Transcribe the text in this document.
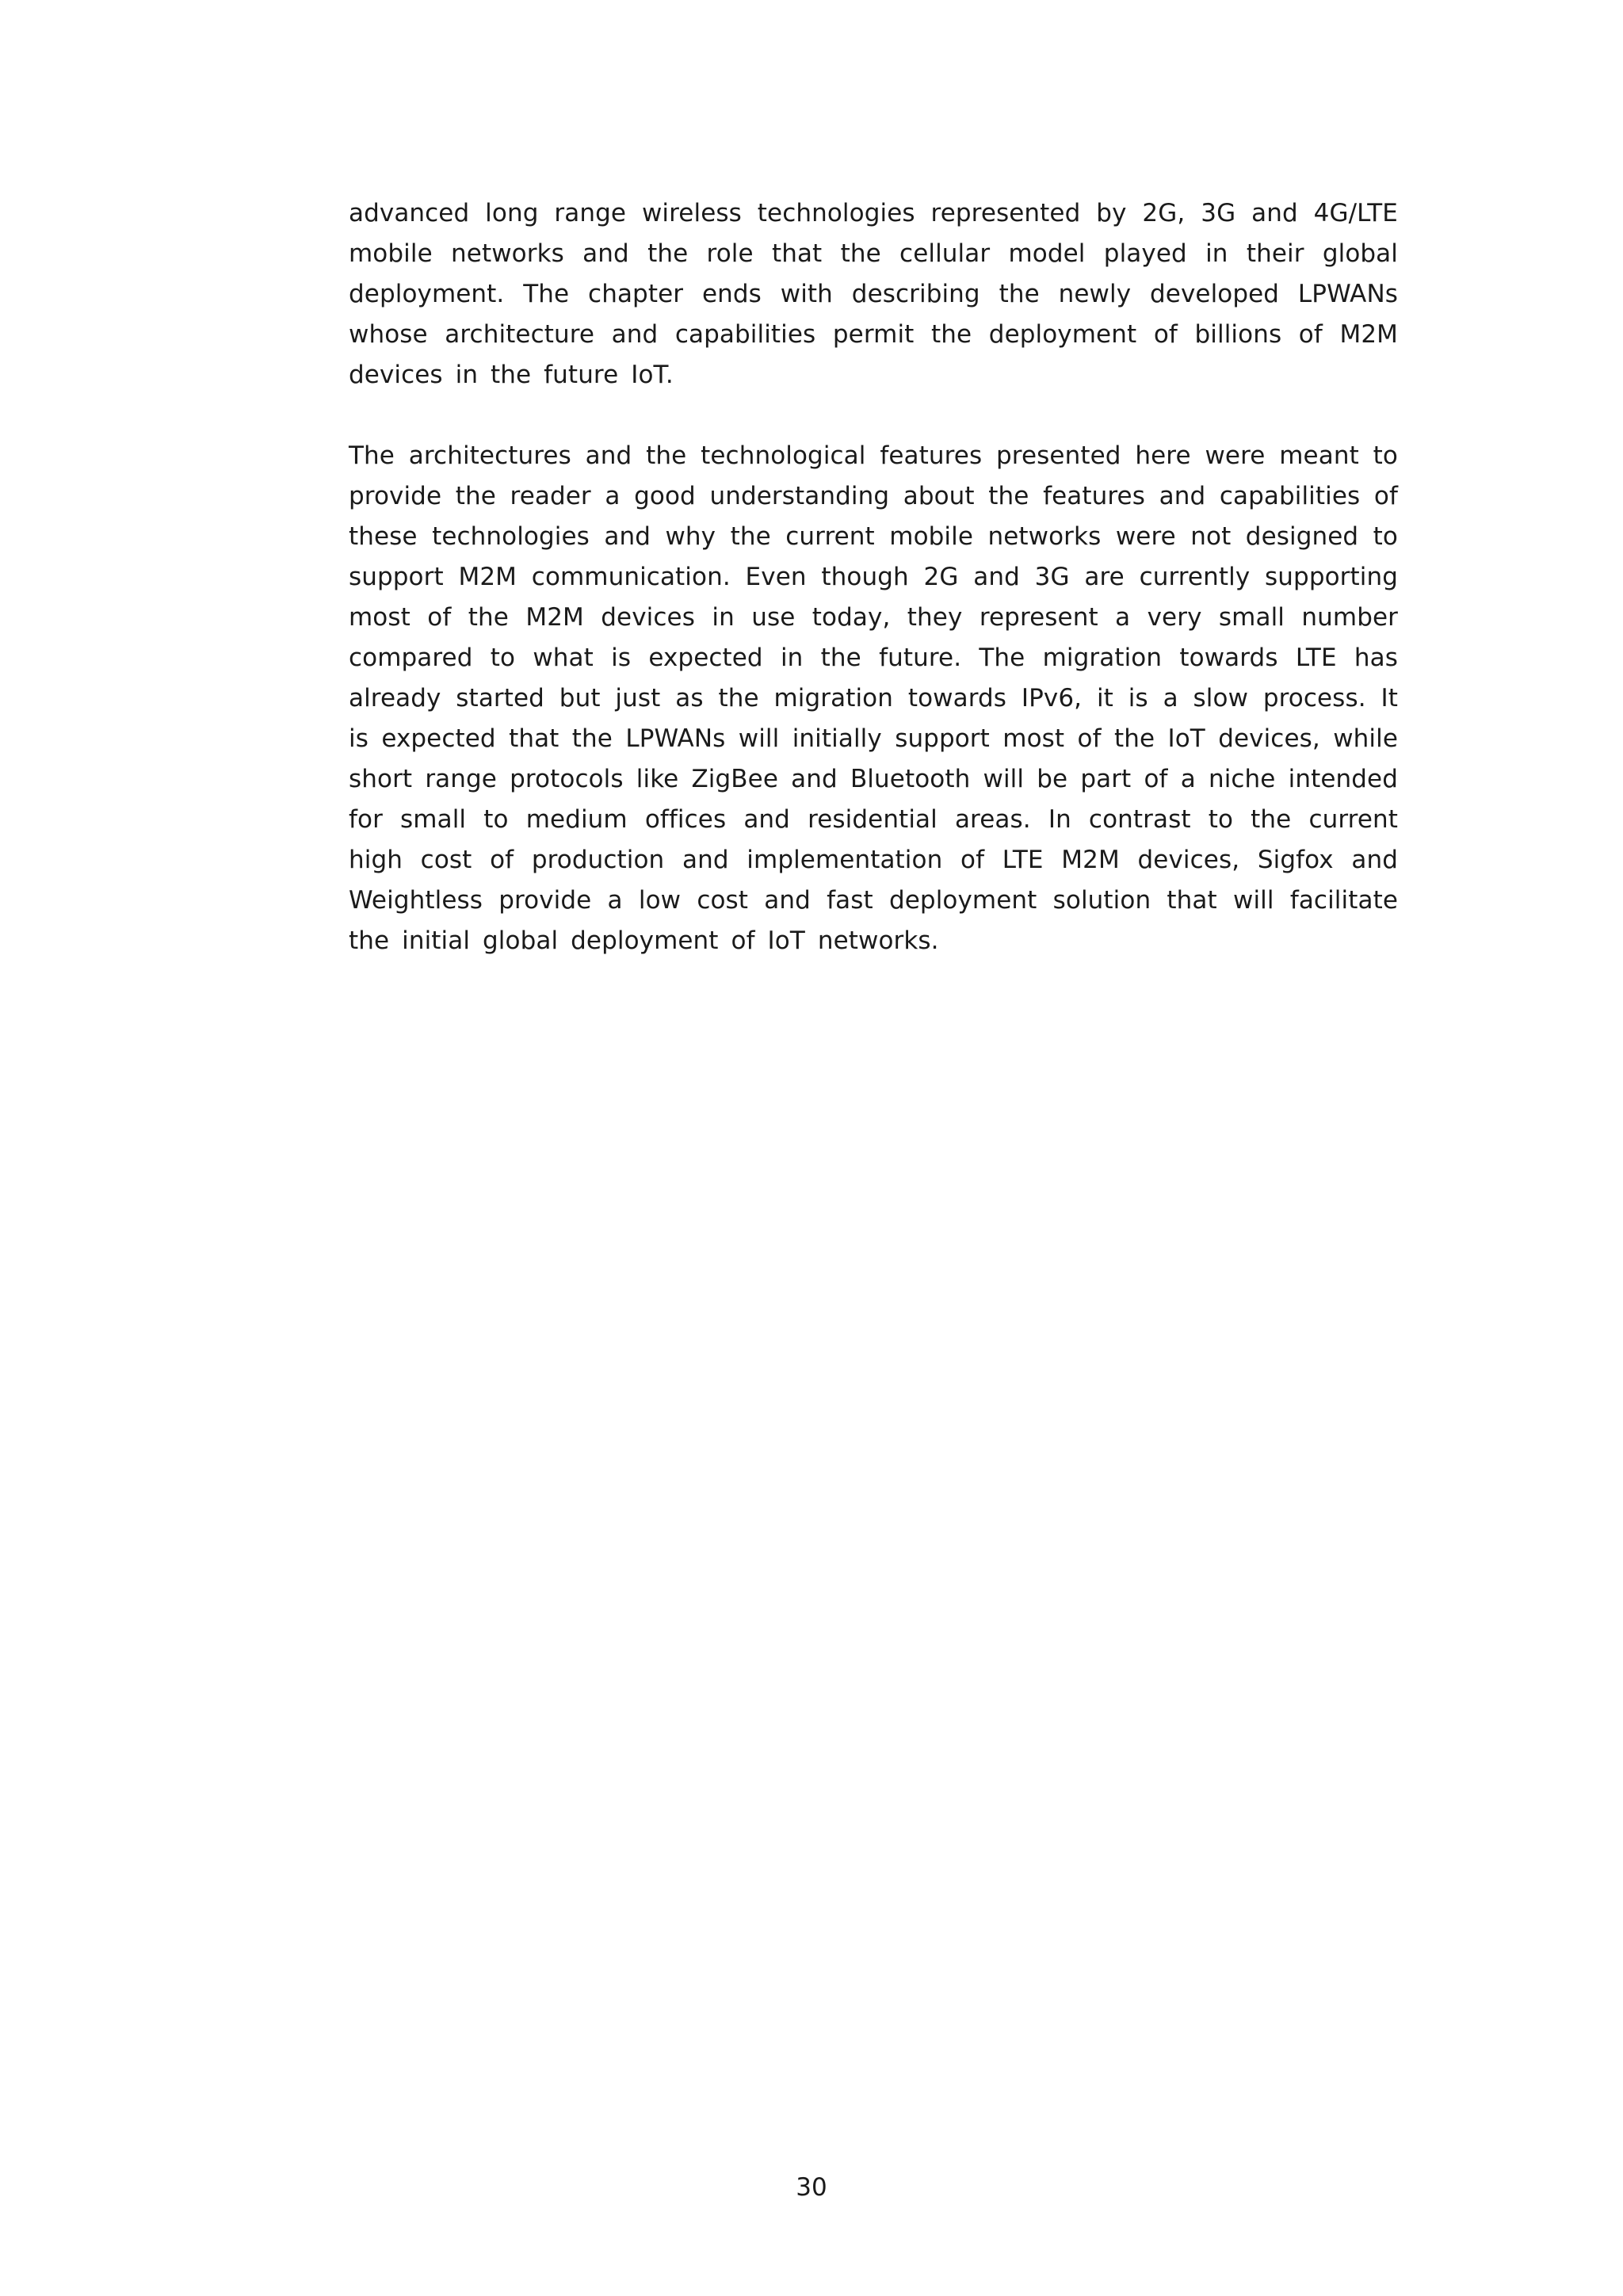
advanced long range wireless technologies represented by 2G, 3G and 4G/LTE mobile networks and the role that the cellular model played in their global deployment. The chapter ends with describing the newly developed LPWANs whose architecture and capabilities permit the deployment of billions of M2M devices in the future IoT.

The architectures and the technological features presented here were meant to provide the reader a good understanding about the features and capabilities of these technologies and why the current mobile networks were not designed to support M2M communication. Even though 2G and 3G are currently supporting most of the M2M devices in use today, they represent a very small number compared to what is expected in the future. The migration towards LTE has already started but just as the migration towards IPv6, it is a slow process. It is expected that the LPWANs will initially support most of the IoT devices, while short range protocols like ZigBee and Bluetooth will be part of a niche intended for small to medium offices and residential areas. In contrast to the current high cost of production and implementation of LTE M2M devices, Sigfox and Weightless provide a low cost and fast deployment solution that will facilitate the initial global deployment of IoT networks.

30
